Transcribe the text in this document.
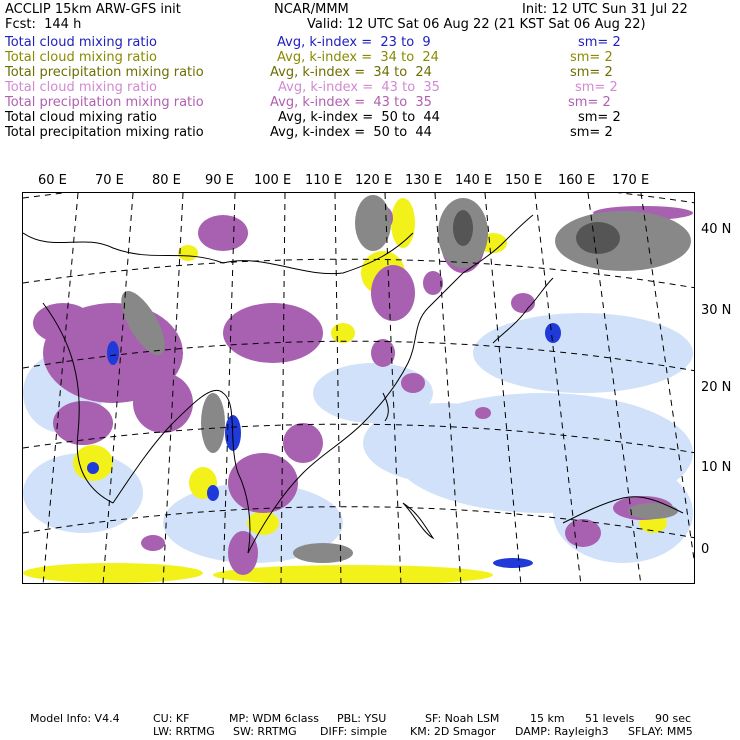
ACCLIP 15km ARW-GFS init	NCAR/MMM	Init: 12 UTC Sun 31 Jul 22
Fcst:  144 h	Valid: 12 UTC Sat 06 Aug 22 (21 KST Sat 06 Aug 22)
Total cloud mixing ratio	Avg, k-index =  23 to  9	sm= 2
Total cloud mixing ratio	Avg, k-index =  34 to  24	sm= 2
Total precipitation mixing ratio	Avg, k-index =  34 to  24	sm= 2
Total cloud mixing ratio	Avg, k-index =  43 to  35	sm= 2
Total precipitation mixing ratio	Avg, k-index =  43 to  35	sm= 2
Total cloud mixing ratio	Avg, k-index =  50 to  44	sm= 2
Total precipitation mixing ratio	Avg, k-index =  50 to  44	sm= 2
60 E 70 E 80 E 90 E 100 E 110 E 120 E 130 E 140 E 150 E 160 E 170 E
40 N
30 N
20 N
10 N
0
Model Info: V4.4	CU: KF	MP: WDM 6class PBL: YSU	SF: Noah LSM	15 km 51 levels 90 sec
LW: RRTMG SW: RRTMG DIFF: simple KM: 2D Smagor DAMP: Rayleigh3 SFLAY: MM5
